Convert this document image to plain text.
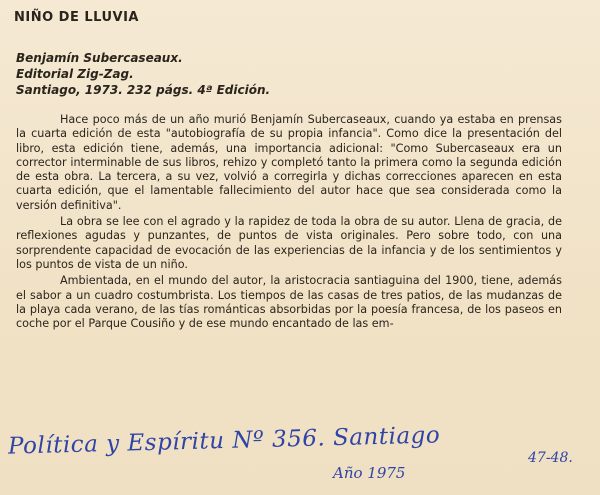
NIÑO DE LLUVIA
Benjamín Subercaseaux.
Editorial Zig-Zag.
Santiago, 1973. 232 págs. 4ª Edición.

Hace poco más de un año murió Benjamín Subercaseaux, cuando ya estaba en prensas la cuarta edición de esta "autobiografía de su propia infancia". Como dice la presentación del libro, esta edición tiene, además, una importancia adicional: "Como Subercaseaux era un corrector interminable de sus libros, rehizo y completó tanto la primera como la segunda edición de esta obra. La tercera, a su vez, volvió a corregirla y dichas correcciones aparecen en esta cuarta edición, que el lamentable fallecimiento del autor hace que sea considerada como la versión definitiva".

La obra se lee con el agrado y la rapidez de toda la obra de su autor. Llena de gracia, de reflexiones agudas y punzantes, de puntos de vista originales. Pero sobre todo, con una sorprendente capacidad de evocación de las experiencias de la infancia y de los sentimientos y los puntos de vista de un niño.

Ambientada, en el mundo del autor, la aristocracia santiaguina del 1900, tiene, además el sabor a un cuadro costumbrista. Los tiempos de las casas de tres patios, de las mudanzas de la playa cada verano, de las tías románticas absorbidas por la poesía francesa, de los paseos en coche por el Parque Cousiño y de ese mundo encantado de las em-

Política y Espíritu Nº 356. Santiago
Año 1975
47-48.
